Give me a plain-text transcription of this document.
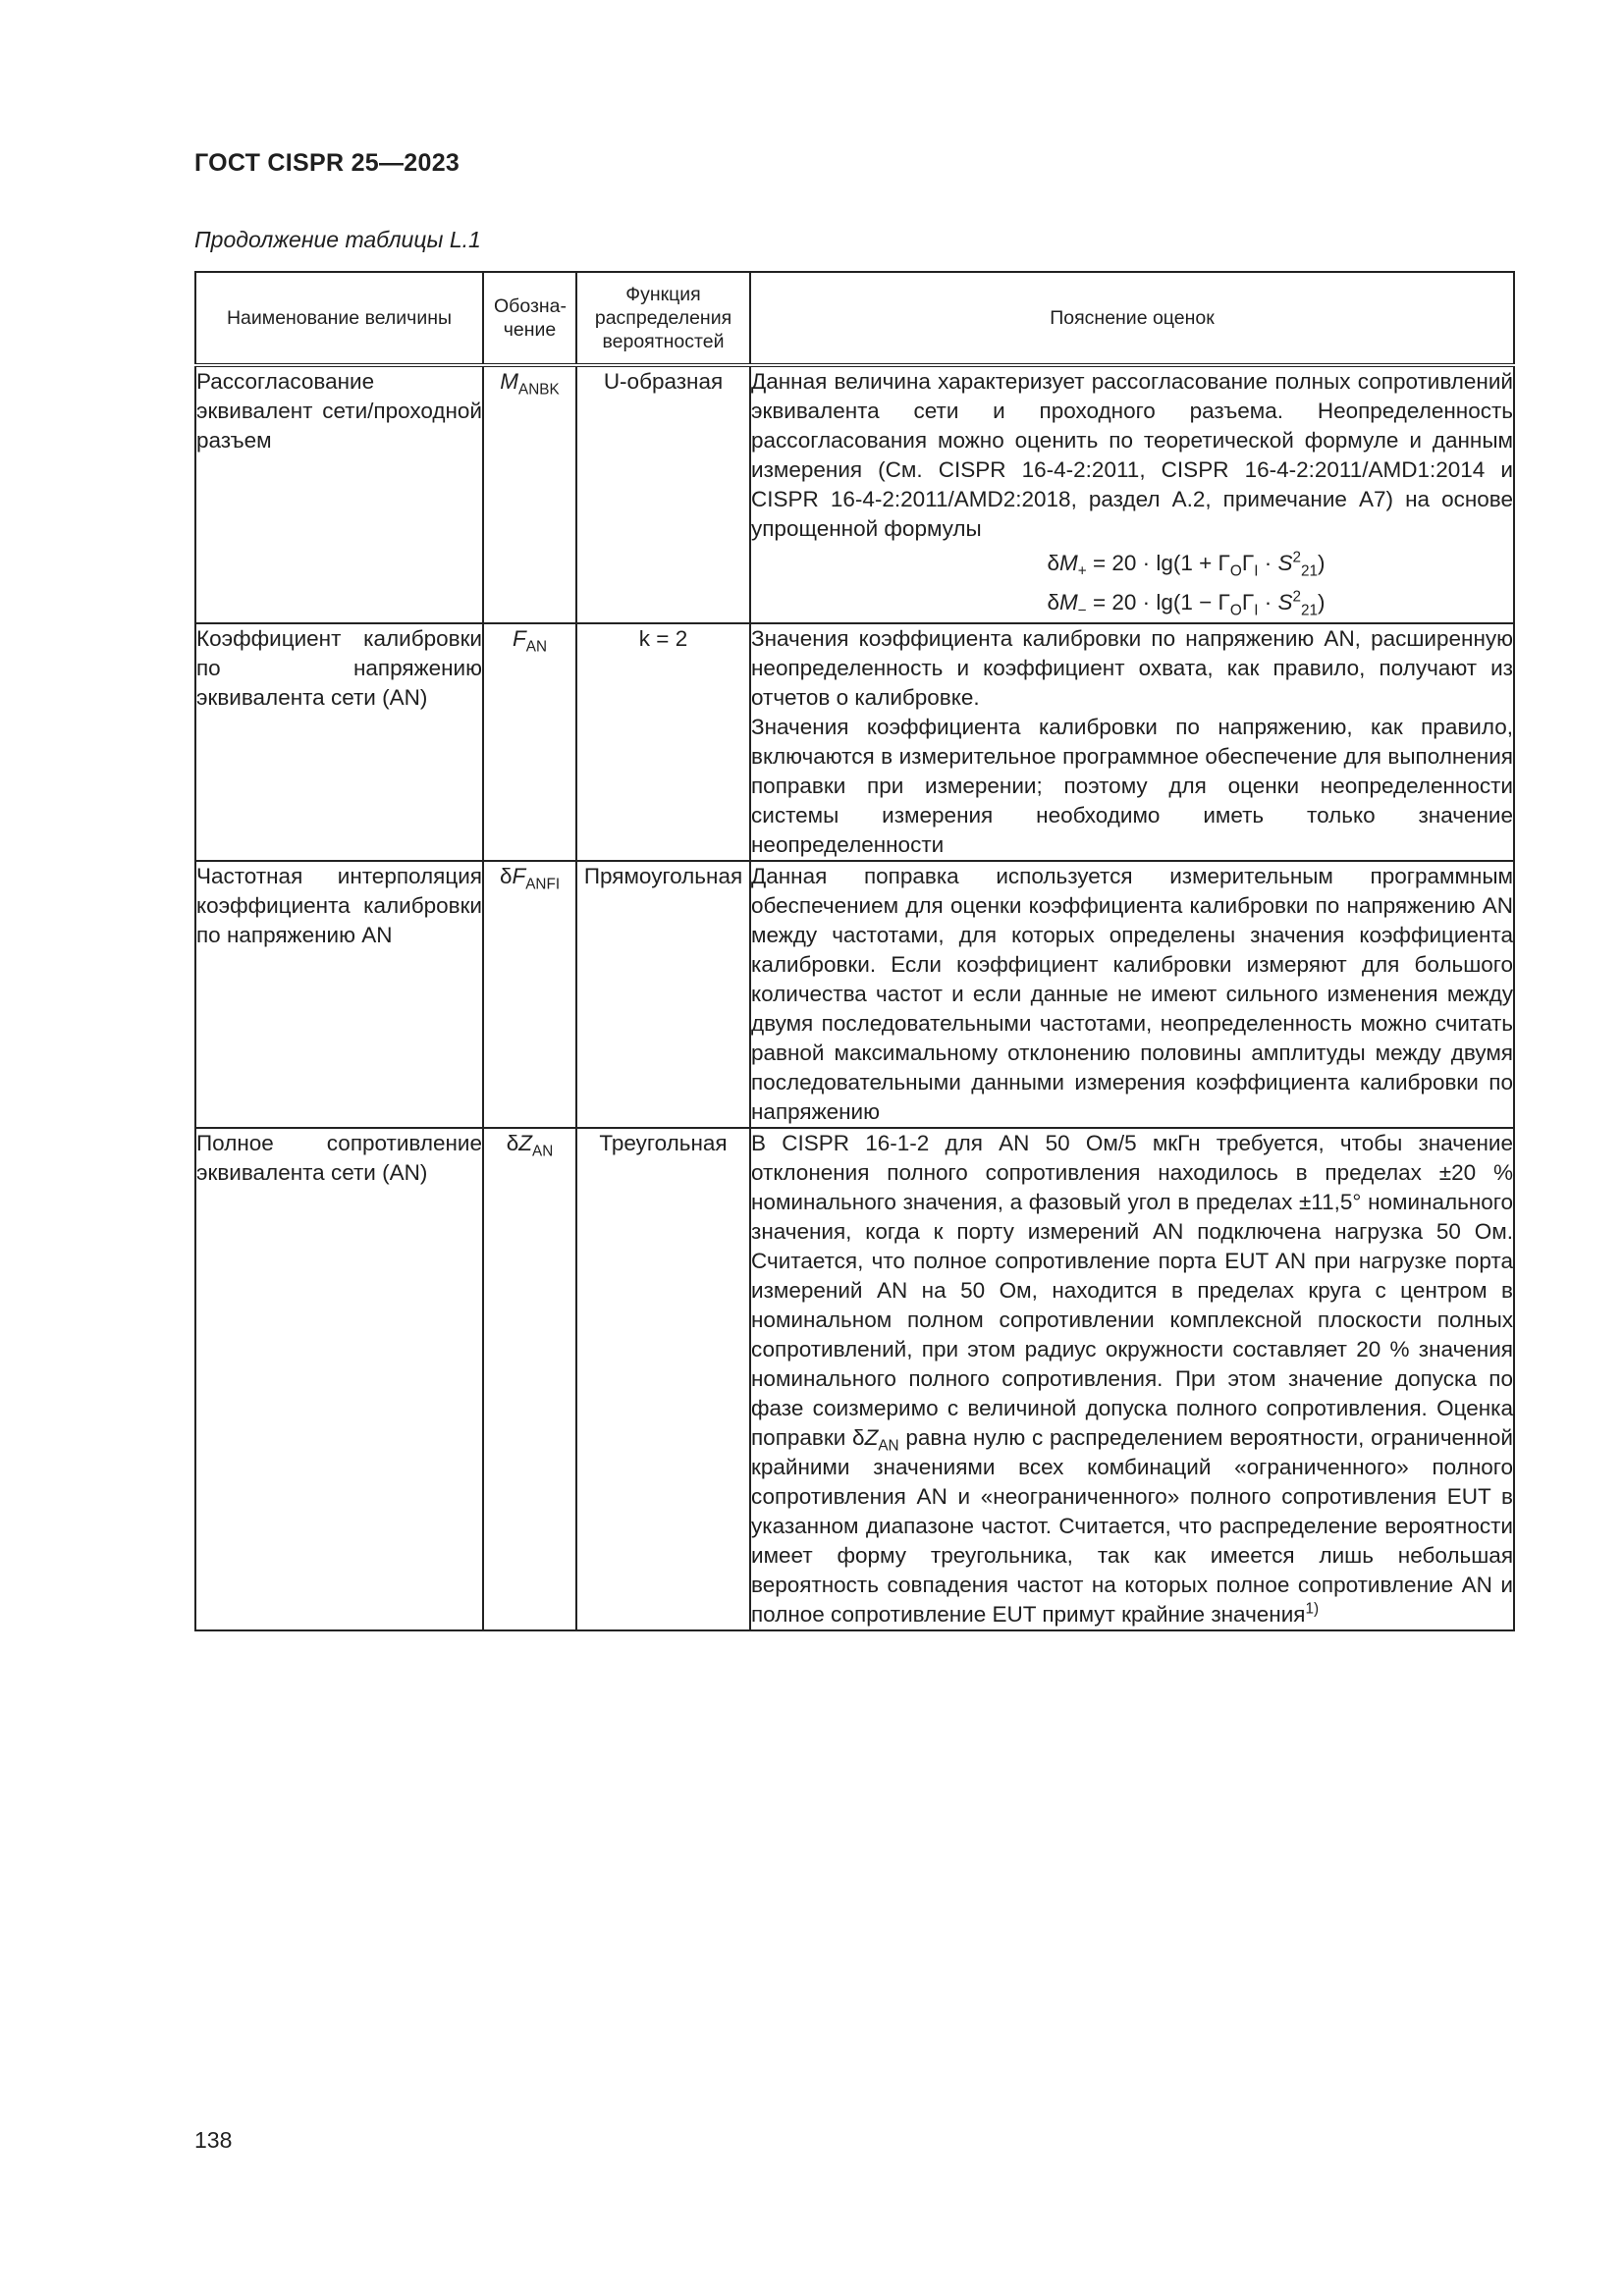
ГОСТ CISPR 25—2023

Продолжение таблицы L.1

Наименование величины	Обозна-чение	Функция распределения вероятностей	Пояснение оценок
Рассогласование эквивалент сети/проходной разъем	$M_{ANBK}$	U-образная	Данная величина характеризует рассогласование полных сопротивлений эквивалента сети и проходного разъема. Неопределенность рассогласования можно оценить по теоретической формуле и данным измерения (См. CISPR 16-4-2:2011, CISPR 16-4-2:2011/AMD1:2014 и CISPR 16-4-2:2011/AMD2:2018, раздел А.2, примечание А7) на основе упрощенной формулы

$\delta M_+ = 20 \cdot \lg(1 + \Gamma_O\Gamma_I \cdot S^2_{21})$

$\delta M_- = 20 \cdot \lg(1 - \Gamma_O\Gamma_I \cdot S^2_{21})$

Коэффициент калибровки по напряжению эквивалента сети (AN)	$F_{AN}$	k = 2	Значения коэффициента калибровки по напряжению AN, расширенную неопределенность и коэффициент охвата, как правило, получают из отчетов о калибровке.

Значения коэффициента калибровки по напряжению, как правило, включаются в измерительное программное обеспечение для выполнения поправки при измерении; поэтому для оценки неопределенности системы измерения необходимо иметь только значение неопределенности

Частотная интерполяция коэффициента калибровки по напряжению AN	$\delta F_{ANFI}$	Прямоугольная	Данная поправка используется измерительным программным обеспечением для оценки коэффициента калибровки по напряжению AN между частотами, для которых определены значения коэффициента калибровки. Если коэффициент калибровки измеряют для большого количества частот и если данные не имеют сильного изменения между двумя последовательными частотами, неопределенность можно считать равной максимальному отклонению половины амплитуды между двумя последовательными данными измерения коэффициента калибровки по напряжению

Полное сопротивление эквивалента сети (AN)	$\delta Z_{AN}$	Треугольная	В CISPR 16-1-2 для AN 50 Ом/5 мкГн требуется, чтобы значение отклонения полного сопротивления находилось в пределах ±20 % номинального значения, а фазовый угол в пределах ±11,5° номинального значения, когда к порту измерений AN подключена нагрузка 50 Ом. Считается, что полное сопротивление порта EUT AN при нагрузке порта измерений AN на 50 Ом, находится в пределах круга с центром в номинальном полном сопротивлении комплексной плоскости полных сопротивлений, при этом радиус окружности составляет 20 % значения номинального полного сопротивления. При этом значение допуска по фазе соизмеримо с величиной допуска полного сопротивления. Оценка поправки $\delta Z_{AN}$ равна нулю с распределением вероятности, ограниченной крайними значениями всех комбинаций «ограниченного» полного сопротивления AN и «неограниченного» полного сопротивления EUT в указанном диапазоне частот. Считается, что распределение вероятности имеет форму треугольника, так как имеется лишь небольшая вероятность совпадения частот на которых полное сопротивление AN и полное сопротивление EUT примут крайние значения$^{1)}$

138
